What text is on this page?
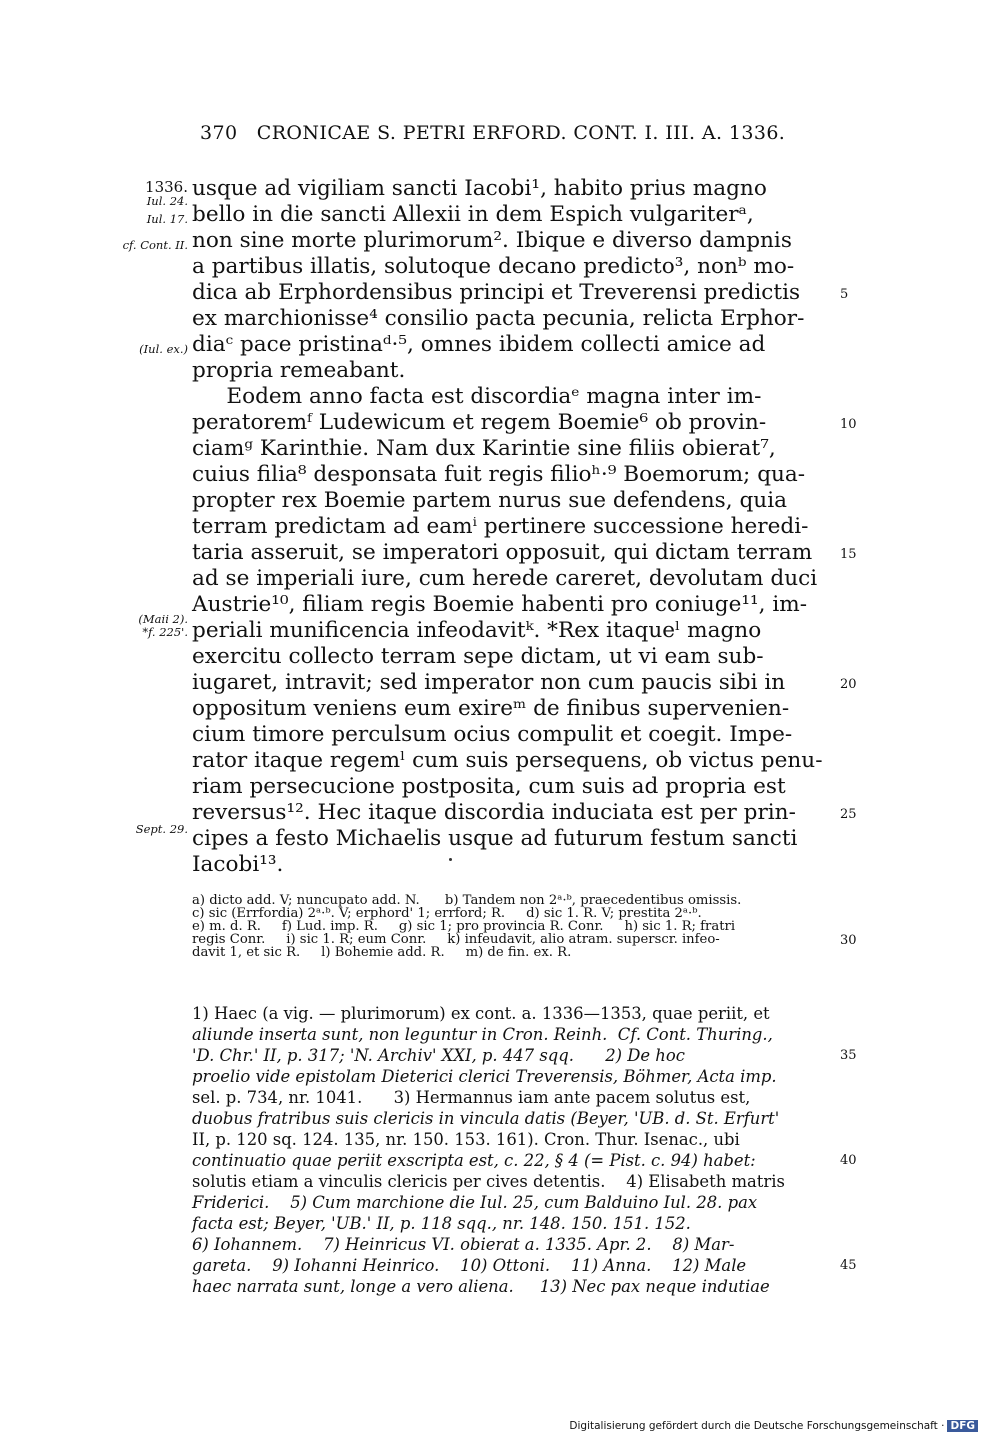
370   CRONICAE S. PETRI ERFORD. CONT. I. III. A. 1336.
1336.
Iul. 24.
Iul. 17.
cf. Cont. II.
(Iul. ex.)
(Maii 2).
*f. 225'.
Sept. 29.
usque ad vigiliam sancti Iacobi¹, habito prius magno
bello in die sancti Allexii in dem Espich vulgariterᵃ,
non sine morte plurimorum². Ibique e diverso dampnis
a partibus illatis, solutoque decano predicto³, nonᵇ mo-
dica ab Erphordensibus principi et Treverensi predictis
ex marchionisse⁴ consilio pacta pecunia, relicta Erphor-
diaᶜ pace pristinaᵈ·⁵, omnes ibidem collecti amice ad
propria remeabant.
Eodem anno facta est discordiaᵉ magna inter im-
peratoremᶠ Ludewicum et regem Boemie⁶ ob provin-
ciamᵍ Karinthie. Nam dux Karintie sine filiis obierat⁷,
cuius filia⁸ desponsata fuit regis filioʰ·⁹ Boemorum; qua-
propter rex Boemie partem nurus sue defendens, quia
terram predictam ad eamⁱ pertinere successione heredi-
taria asseruit, se imperatori opposuit, qui dictam terram
ad se imperiali iure, cum herede careret, devolutam duci
Austrie¹⁰, filiam regis Boemie habenti pro coniuge¹¹, im-
periali munificencia infeodavitᵏ. *Rex itaqueˡ magno
exercitu collecto terram sepe dictam, ut vi eam sub-
iugaret, intravit; sed imperator non cum paucis sibi in
oppositum veniens eum exireᵐ de finibus supervenien-
cium timore perculsum ocius compulit et coegit. Impe-
rator itaque regemˡ cum suis persequens, ob victus penu-
riam persecucione postposita, cum suis ad propria est
reversus¹². Hec itaque discordia induciata est per prin-
cipes a festo Michaelis usque ad futurum festum sancti
Iacobi¹³.
a) dicto add. V; nuncupato add. N.      b) Tandem non 2ᵃ·ᵇ, praecedentibus omissis.
c) sic (Errfordia) 2ᵃ·ᵇ. V; erphord' 1; errford; R.     d) sic 1. R. V; prestita 2ᵃ·ᵇ.
e) m. d. R.     f) Lud. imp. R.     g) sic 1; pro provincia R. Conr.     h) sic 1. R; fratri
regis Conr.     i) sic 1. R; eum Conr.     k) infeudavit, alio atram. superscr. infeo-
davit 1, et sic R.     l) Bohemie add. R.     m) de fin. ex. R.
1) Haec (a vig. — plurimorum) ex cont. a. 1336—1353, quae periit, et
aliunde inserta sunt, non leguntur in Cron. Reinh.  Cf. Cont. Thuring.,
'D. Chr.' II, p. 317; 'N. Archiv' XXI, p. 447 sqq.      2) De hoc
proelio vide epistolam Dieterici clerici Treverensis, Böhmer, Acta imp.
sel. p. 734, nr. 1041.      3) Hermannus iam ante pacem solutus est,
duobus fratribus suis clericis in vincula datis (Beyer, 'UB. d. St. Erfurt'
II, p. 120 sq. 124. 135, nr. 150. 153. 161). Cron. Thur. Isenac., ubi
continuatio quae periit exscripta est, c. 22, § 4 (= Pist. c. 94) habet:
solutis etiam a vinculis clericis per cives detentis.    4) Elisabeth matris
Friderici.    5) Cum marchione die Iul. 25, cum Balduino Iul. 28. pax
facta est; Beyer, 'UB.' II, p. 118 sqq., nr. 148. 150. 151. 152.
6) Iohannem.    7) Heinricus VI. obierat a. 1335. Apr. 2.    8) Mar-
gareta.    9) Iohanni Heinrico.    10) Ottoni.    11) Anna.    12) Male
haec narrata sunt, longe a vero aliena.     13) Nec pax neque indutiae
5
10
15
20
25
30
35
40
45
Digitalisierung gefördert durch die Deutsche Forschungsgemeinschaft · DFG
